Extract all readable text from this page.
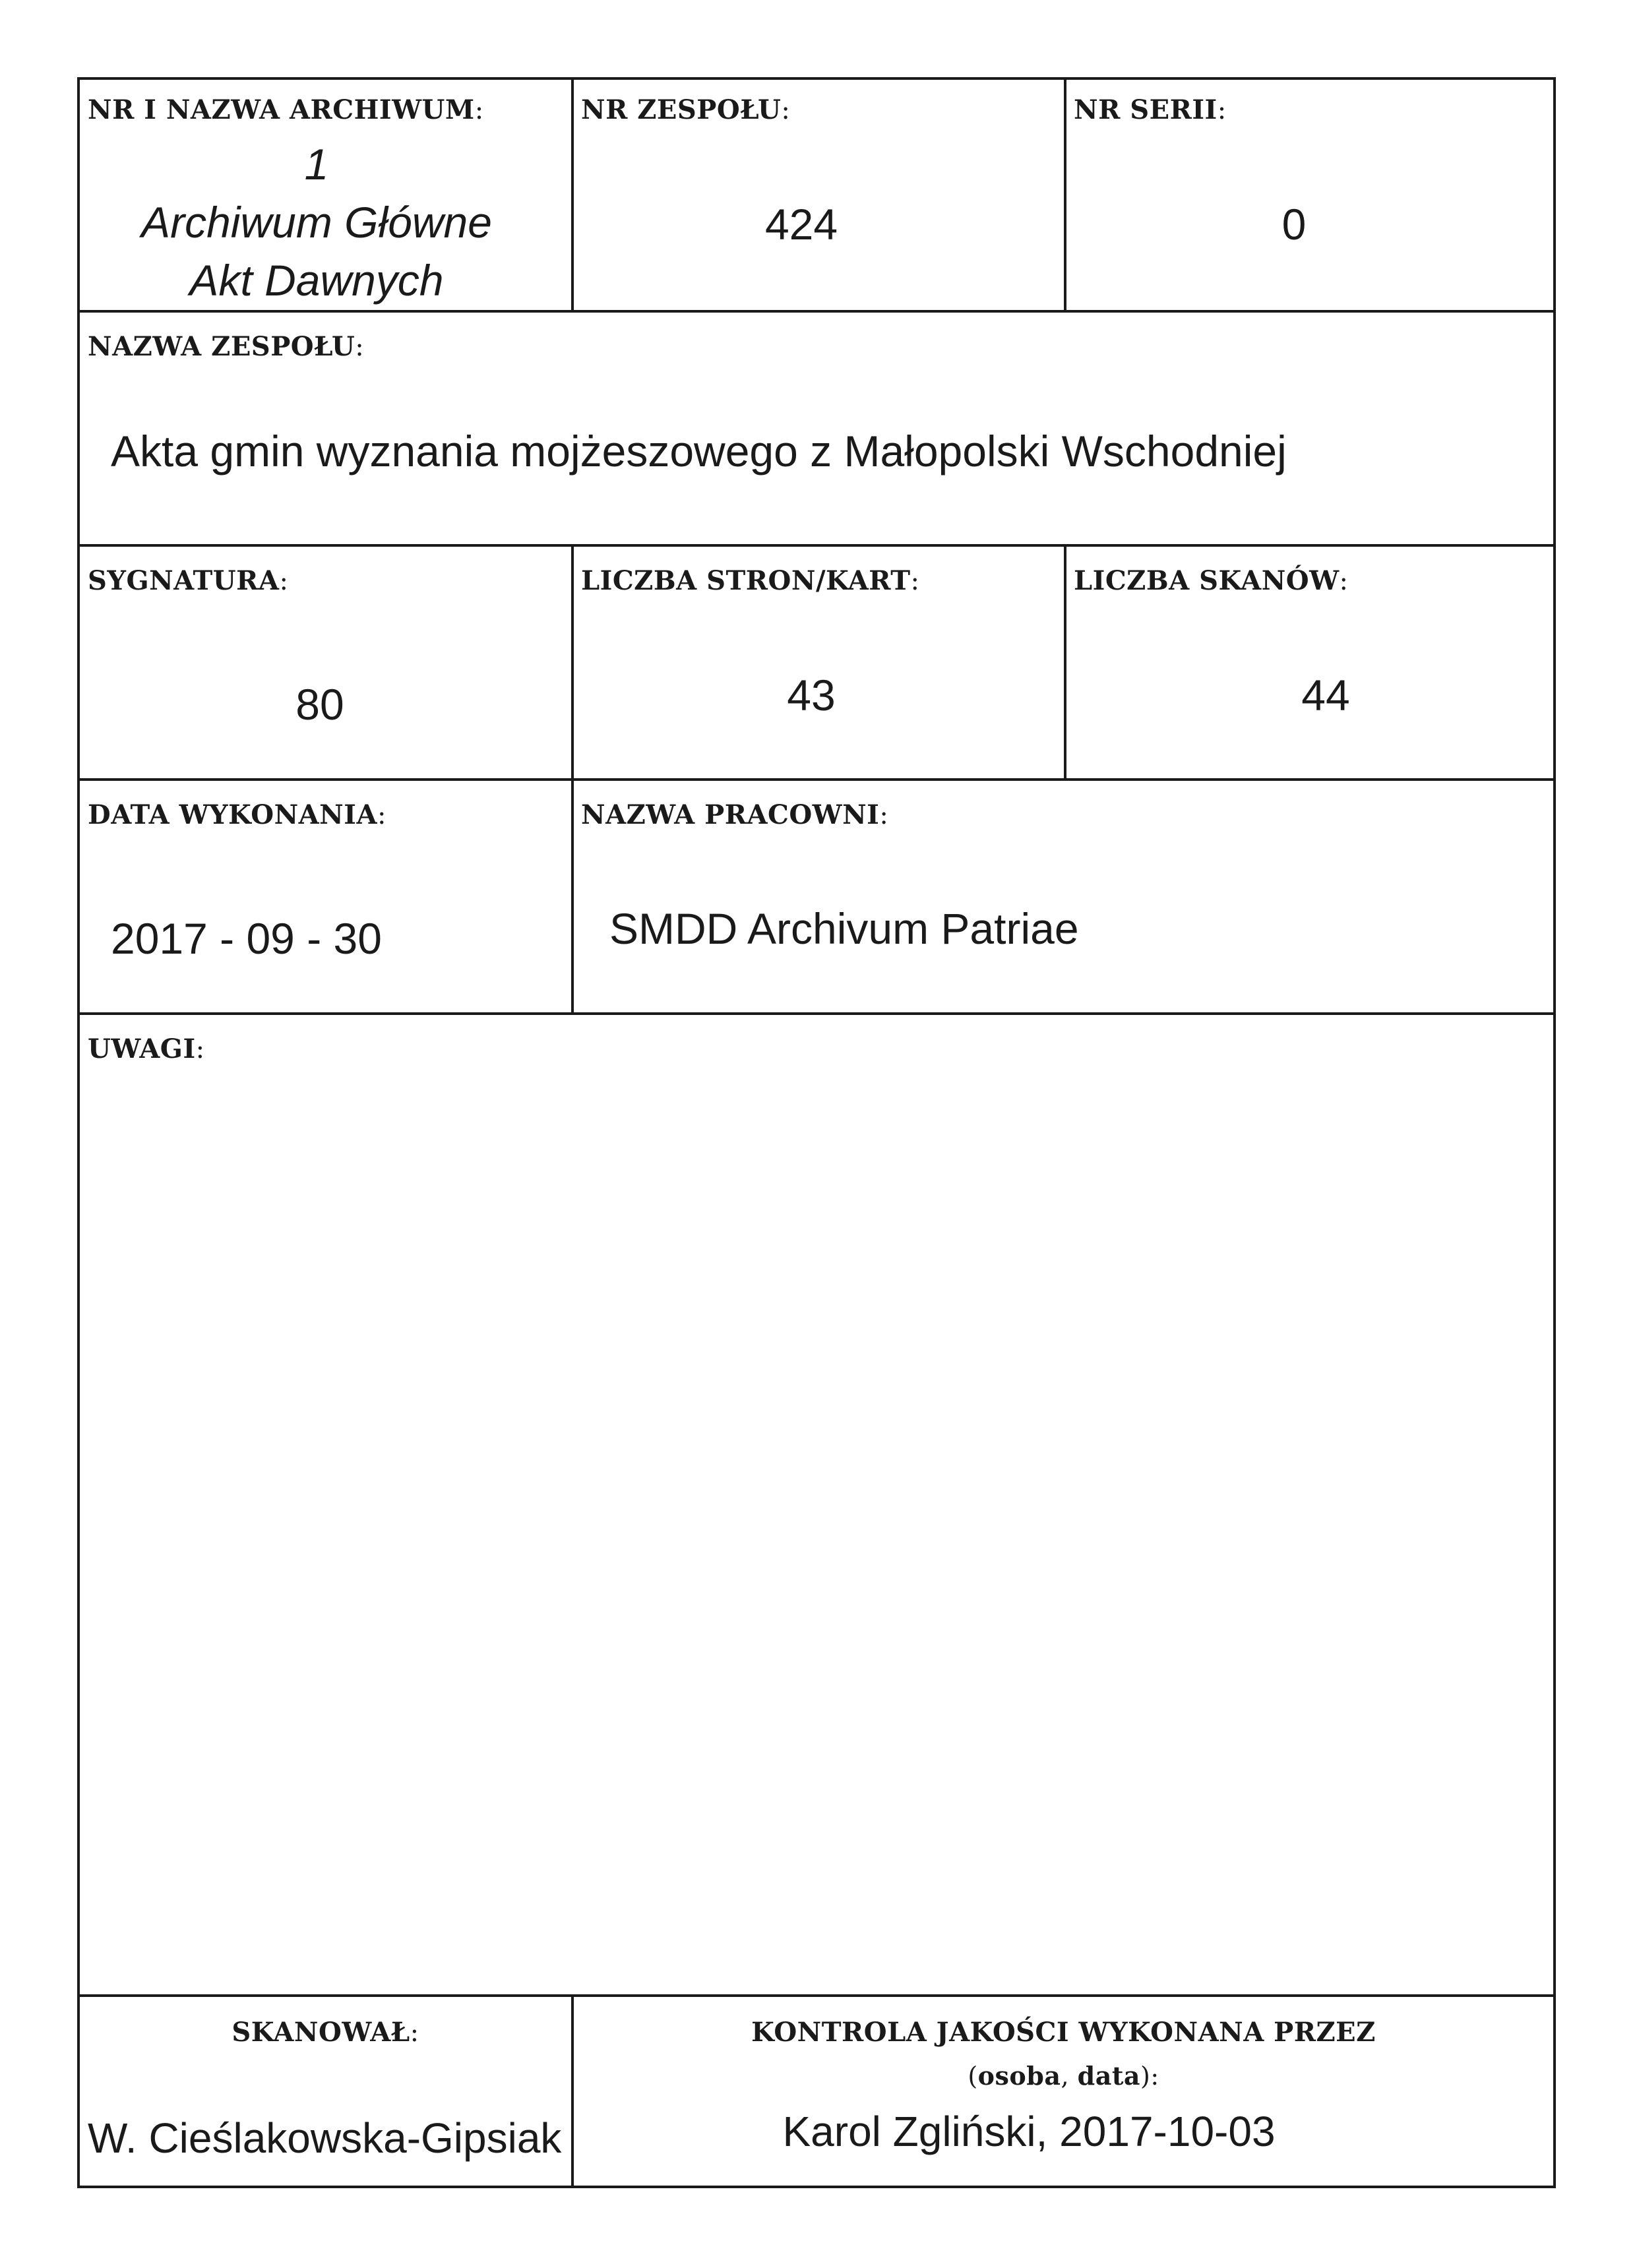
NR I NAZWA ARCHIWUM:
1
Archiwum Główne
Akt Dawnych
NR ZESPOŁU:
424
NR SERII:
0
NAZWA ZESPOŁU:
Akta gmin wyznania mojżeszowego z Małopolski Wschodniej
SYGNATURA:
80
LICZBA STRON/KART:
43
LICZBA SKANÓW:
44
DATA WYKONANIA:
2017 - 09 - 30
NAZWA PRACOWNI:
SMDD Archivum Patriae
UWAGI:
SKANOWAŁ:
W. Cieślakowska-Gipsiak
KONTROLA JAKOŚCI WYKONANA PRZEZ
(osoba, data):
Karol Zgliński, 2017-10-03
